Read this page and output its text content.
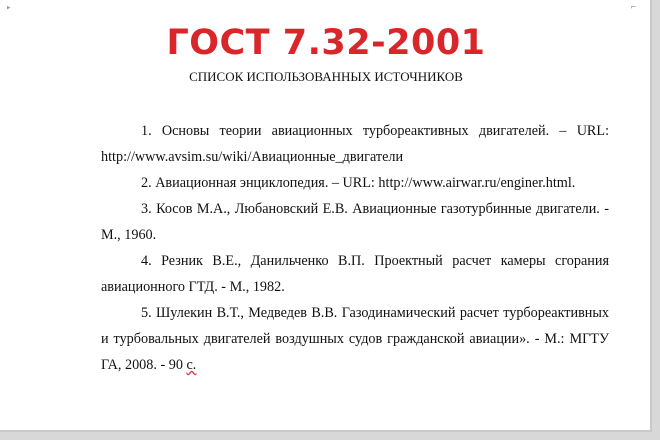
▸	⌐
ГОСТ 7.32-2001
СПИСОК ИСПОЛЬЗОВАННЫХ ИСТОЧНИКОВ

1. Основы теории авиационных турбореактивных двигателей. – URL: http://www.avsim.su/wiki/Авиационные_двигатели

2. Авиационная энциклопедия. – URL: http://www.airwar.ru/enginer.html.

3. Косов М.А., Любановский Е.В. Авиационные газотурбинные двигатели. - М., 1960.

4. Резник В.Е., Данильченко В.П. Проектный расчет камеры сгорания авиационного ГТД. - М., 1982.

5. Шулекин В.Т., Медведев В.В. Газодинамический расчет турбореактивных и турбовальных двигателей воздушных судов гражданской авиации». - М.: МГТУ ГА, 2008. - 90 с.
